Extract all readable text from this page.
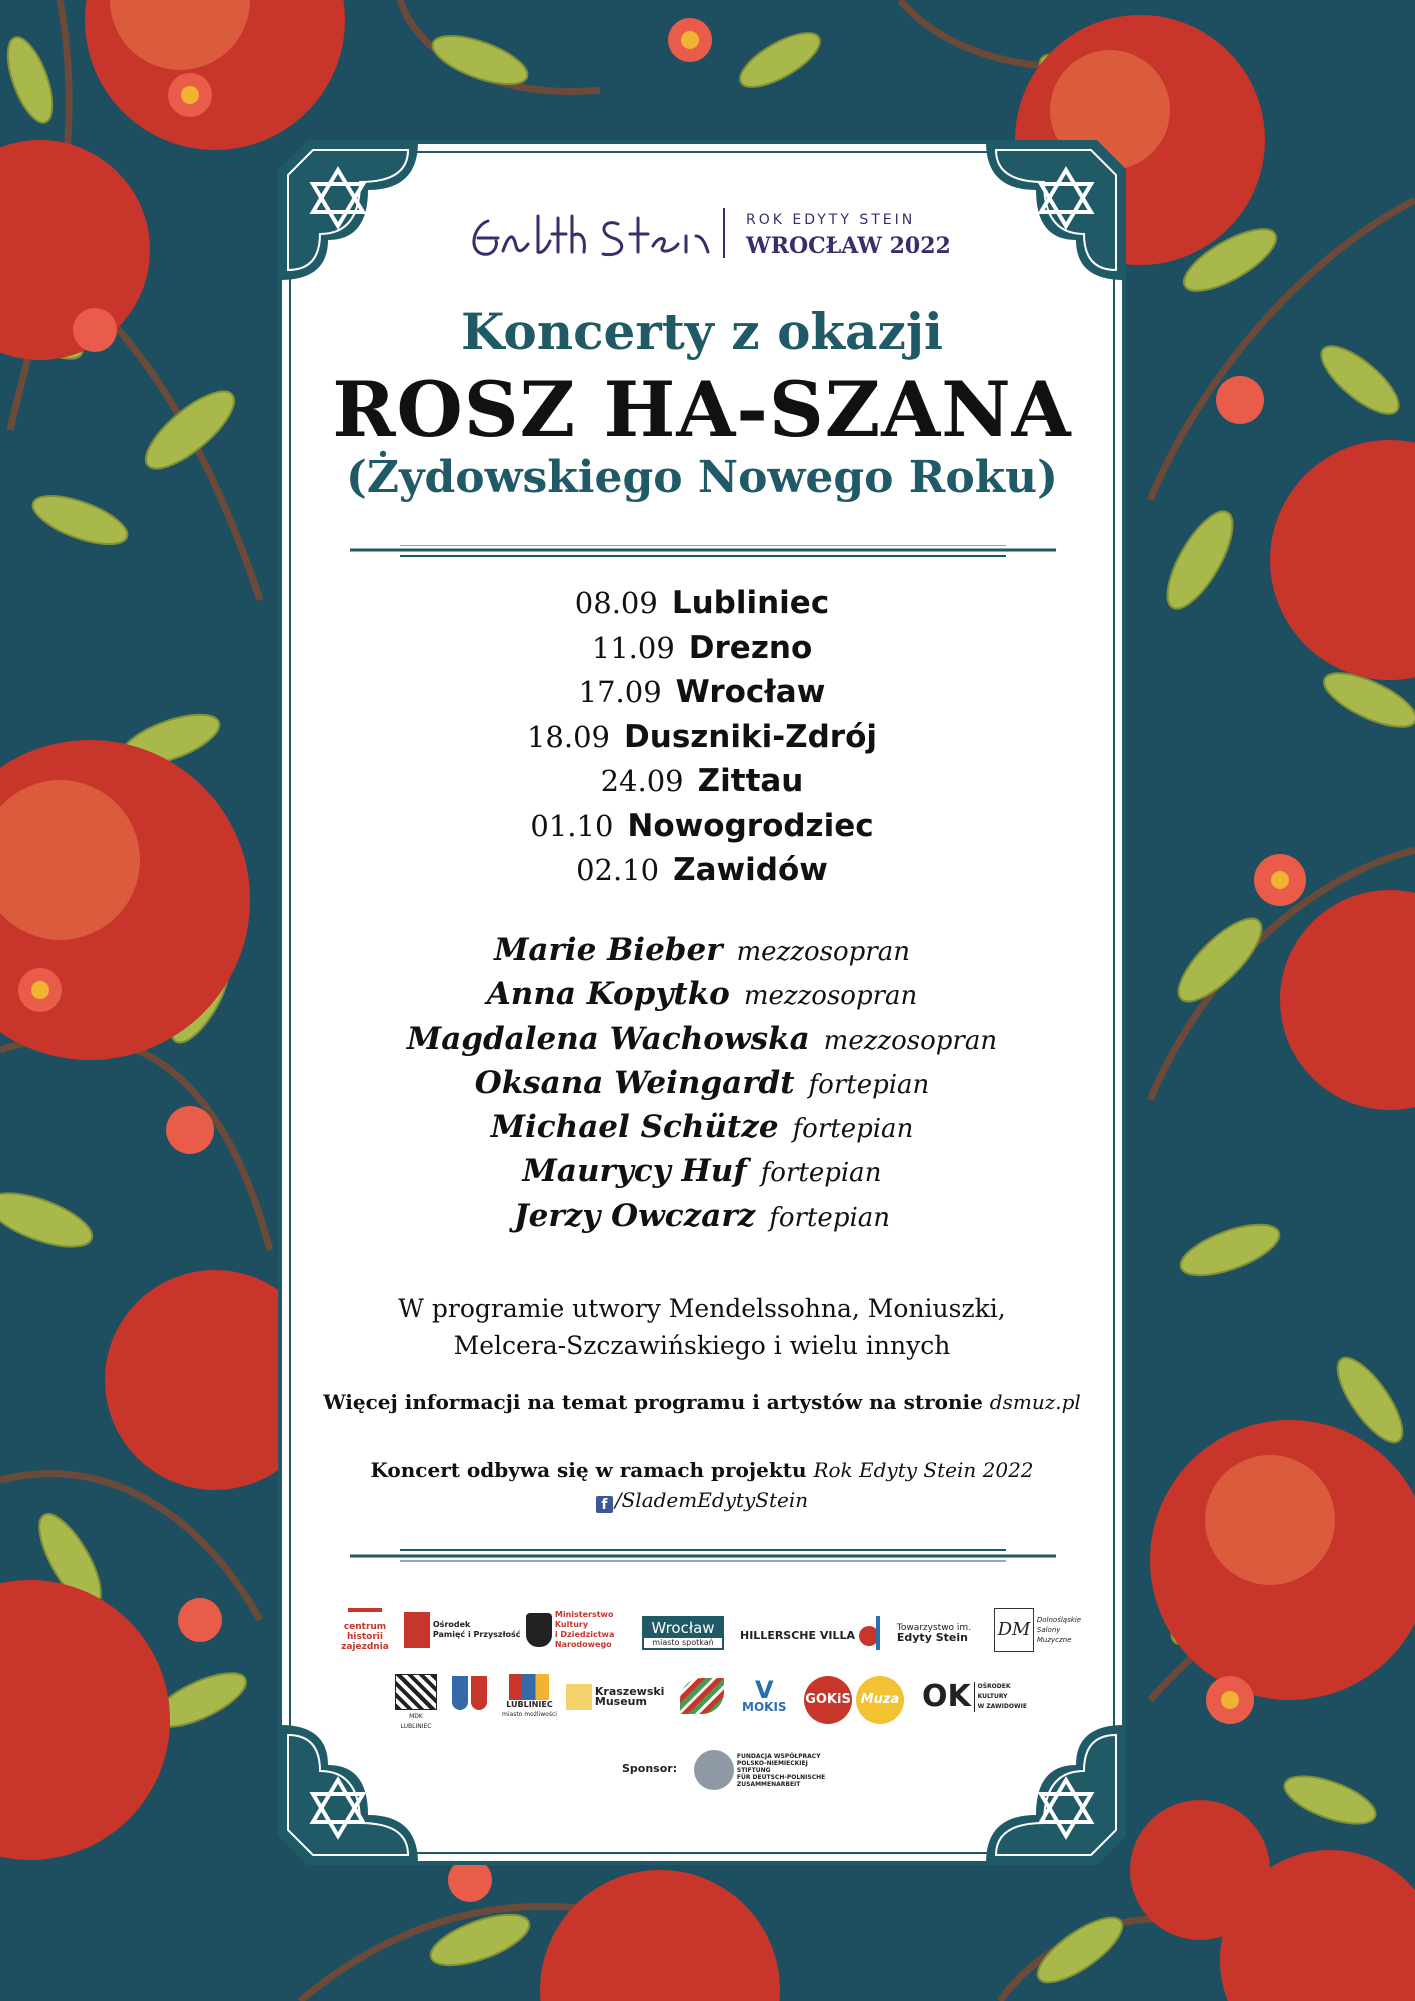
ROK EDYTY STEIN
WROCŁAW 2022
Koncerty z okazji
ROSZ HA-SZANA
(Żydowskiego Nowego Roku)
08.09 Lubliniec
11.09 Drezno
17.09 Wrocław
18.09 Duszniki-Zdrój
24.09 Zittau
01.10 Nowogrodziec
02.10 Zawidów
Marie Bieber mezzosopran
Anna Kopytko mezzosopran
Magdalena Wachowska mezzosopran
Oksana Weingardt fortepian
Michael Schütze fortepian
Maurycy Huf fortepian
Jerzy Owczarz fortepian
W programie utwory Mendelssohna, Moniuszki,
Melcera-Szczawińskiego i wielu innych
Więcej informacji na temat programu i artystów na stronie dsmuz.pl
Koncert odbywa się w ramach projektu Rok Edyty Stein 2022
f /SlademEdytyStein
centrum
historii
zajezdnia

Ośrodek
Pamięć i Przyszłość

Ministerstwo
Kultury
i Dziedzictwa
Narodowego
Wrocław
miasto spotkań
HILLERSCHE VILLA

Towarzystwo im.
Edyty Stein DM Dolnośląskie
Salony
Muzyczne
MDK LUBLINIEC

LUBLINIEC
miasto możliwości

Kraszewski
Museum	V
MOKIS GOKiS Muza OK OŚRODEK
KULTURY
W ZAWIDOWIE
Sponsor:

FUNDACJA WSPÓŁPRACY
POLSKO-NIEMIECKIEJ
STIFTUNG
FÜR DEUTSCH-POLNISCHE
ZUSAMMENARBEIT
